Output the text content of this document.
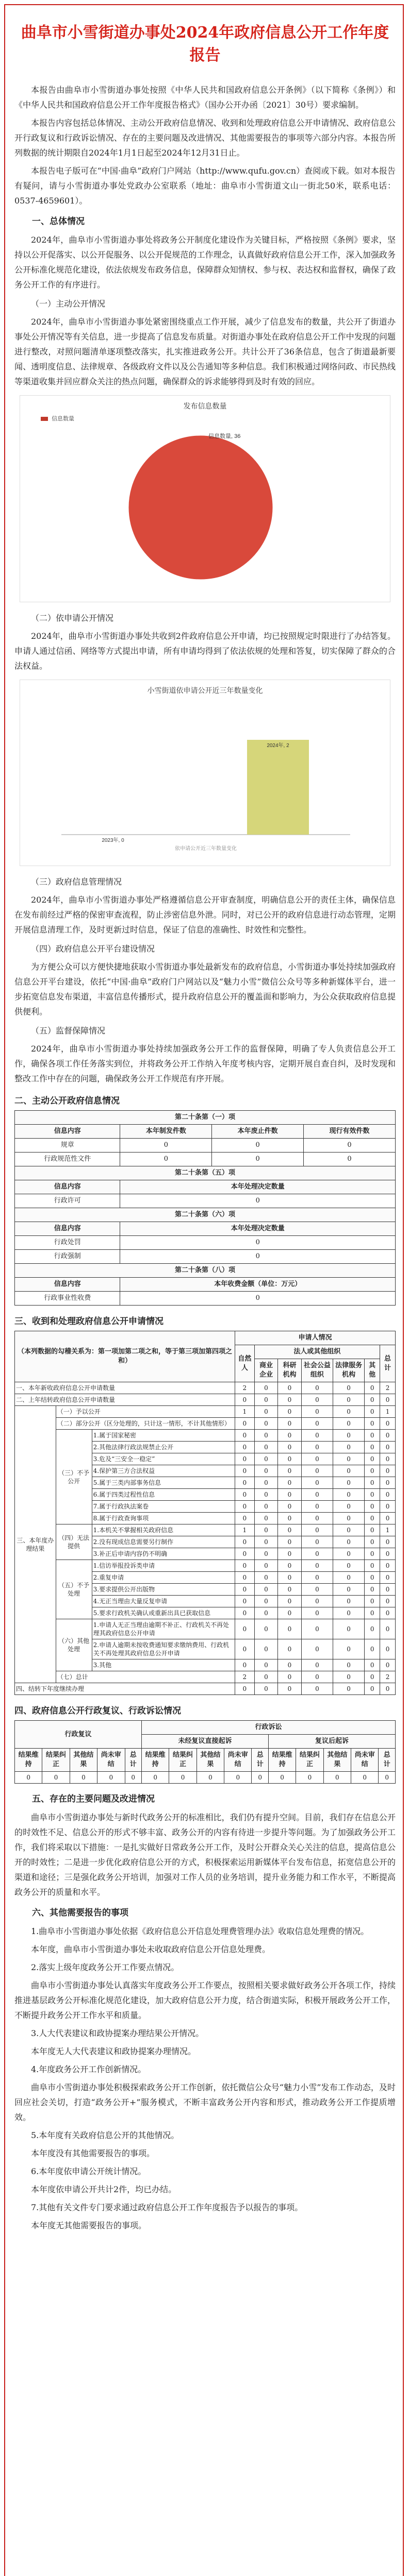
曲阜市小雪街道办事处2024年政府信息公开工作年度报告

本报告由曲阜市小雪街道办事处按照《中华人民共和国政府信息公开条例》（以下简称《条例》）和《中华人民共和国政府信息公开工作年度报告格式》（国办公开办函〔2021〕30号）要求编制。

本报告内容包括总体情况、主动公开政府信息情况、收到和处理政府信息公开申请情况、政府信息公开行政复议和行政诉讼情况、存在的主要问题及改进情况、其他需要报告的事项等六部分内容。本报告所列数据的统计期限自2024年1月1日起至2024年12月31日止。

本报告电子版可在“中国·曲阜”政府门户网站（http://www.qufu.gov.cn）查阅或下载。如对本报告有疑问，请与小雪街道办事处党政办公室联系（地址：曲阜市小雪街道文山一街北50米，联系电话：0537-4659601）。

一、总体情况

2024年，曲阜市小雪街道办事处将政务公开制度化建设作为关键目标，严格按照《条例》要求，坚持以公开促落实、以公开促服务、以公开促规范的工作理念，认真做好政府信息公开工作，深入加强政务公开标准化规范化建设，依法依规发布政务信息，保障群众知情权、参与权、表达权和监督权，确保了政务公开工作的有序进行。

（一）主动公开情况

2024年，曲阜市小雪街道办事处紧密围绕重点工作开展，减少了信息发布的数量，共公开了街道办事处公开情况等有关信息，进一步提高了信息发布质量。对街道办事处在政府信息公开工作中发现的问题进行整改，对照问题清单逐项整改落实，扎实推进政务公开。共计公开了36条信息，包含了街道最新要闻、透明度信息、法律规章、各级政府文件以及公告通知等多种信息。我们积极通过网络问政、市民热线等渠道收集并回应群众关注的热点问题，确保群众的诉求能够得到及时有效的回应。

发布信息数量
信息数量
信息数量, 36

（二）依申请公开情况

2024年，曲阜市小雪街道办事处共收到2件政府信息公开申请，均已按照规定时限进行了办结答复。申请人通过信函、网络等方式提出申请，所有申请均得到了依法依规的处理和答复，切实保障了群众的合法权益。

小雪街道依申请公开近三年数量变化
2023年, 0
2024年, 2
依申请公开近三年数量变化

（三）政府信息管理情况

2024年，曲阜市小雪街道办事处严格遵循信息公开审查制度，明确信息公开的责任主体，确保信息在发布前经过严格的保密审查流程，防止涉密信息外泄。同时，对已公开的政府信息进行动态管理，定期开展信息清理工作，及时更新过时信息，保证了信息的准确性、时效性和完整性。

（四）政府信息公开平台建设情况

为方便公众可以方便快捷地获取小雪街道办事处最新发布的政府信息，小雪街道办事处持续加强政府信息公开平台建设，依托“中国·曲阜”政府门户网站以及“魅力小雪”微信公众号等多种新媒体平台，进一步拓宽信息发布渠道，丰富信息传播形式，提升政府信息公开的覆盖面和影响力，为公众获取政府信息提供便利。

（五）监督保障情况

2024年，曲阜市小雪街道办事处持续加强政务公开工作的监督保障，明确了专人负责信息公开工作，确保各项工作任务落实到位，并将政务公开工作纳入年度考核内容，定期开展自查自纠，及时发现和整改工作中存在的问题，确保政务公开工作规范有序开展。

二、主动公开政府信息情况
第二十条第（一）项			
信息内容	本年制发件数	本年废止件数	现行有效件数
规章	0	0	0
行政规范性文件	0	0	0
第二十条第（五）项			
信息内容	本年处理决定数量		
行政许可	0		
第二十条第（六）项			
信息内容	本年处理决定数量		
行政处罚	0		
行政强制	0		
第二十条第（八）项			
信息内容	本年收费金额（单位：万元）		
行政事业性收费	0		
三、收到和处理政府信息公开申请情况
（本列数据的勾稽关系为：第一项加第二项之和，等于第三项加第四项之和）			申请人情况						
			自然人	法人或其他组织					总计
				商业企业	科研机构	社会公益组织	法律服务机构	其他	
一、本年新收政府信息公开申请数量			2	0	0	0	0	0	2
二、上年结转政府信息公开申请数量			0	0	0	0	0	0	0
三、本年度办理结果	（一）予以公开		1	0	0	0	0	0	1
	（二）部分公开（区分处理的，只计这一情形，不计其他情形）		0	0	0	0	0	0	0
	（三）不予公开	1.属于国家秘密	0	0	0	0	0	0	0
		2.其他法律行政法规禁止公开	0	0	0	0	0	0	0
		3.危及“三安全一稳定”	0	0	0	0	0	0	0
		4.保护第三方合法权益	0	0	0	0	0	0	0
		5.属于三类内部事务信息	0	0	0	0	0	0	0
		6.属于四类过程性信息	0	0	0	0	0	0	0
		7.属于行政执法案卷	0	0	0	0	0	0	0
		8.属于行政查询事项	0	0	0	0	0	0	0
	（四）无法提供	1.本机关不掌握相关政府信息	1	0	0	0	0	0	1
		2.没有现成信息需要另行制作	0	0	0	0	0	0	0
		3.补正后申请内容仍不明确	0	0	0	0	0	0	0
	（五）不予处理	1.信访举报投诉类申请	0	0	0	0	0	0	0
		2.重复申请	0	0	0	0	0	0	0
		3.要求提供公开出版物	0	0	0	0	0	0	0
		4.无正当理由大量反复申请	0	0	0	0	0	0	0
		5.要求行政机关确认或重新出具已获取信息	0	0	0	0	0	0	0
	（六）其他处理	1.申请人无正当理由逾期不补正、行政机关不再处理其政府信息公开申请	0	0	0	0	0	0	0
		2.申请人逾期未按收费通知要求缴纳费用、行政机关不再处理其政府信息公开申请	0	0	0	0	0	0	0
		3.其他	0	0	0	0	0	0	0
	（七）总计		2	0	0	0	0	0	2
四、结转下年度继续办理			0	0	0	0	0	0	0
四、政府信息公开行政复议、行政诉讼情况
行政复议					行政诉讼									
					未经复议直接起诉					复议后起诉				
结果维持	结果纠正	其他结果	尚未审结	总计	结果维持	结果纠正	其他结果	尚未审结	总计	结果维持	结果纠正	其他结果	尚未审结	总计
0	0	0	0	0	0	0	0	0	0	0	0	0	0	0

五、存在的主要问题及改进情况

曲阜市小雪街道办事处与新时代政务公开的标准相比，我们仍有提升空间。目前，我们存在信息公开的时效性不足、信息公开的形式不够丰富、政务公开的内容有待进一步提升等问题。为了加强政务公开工作，我们将采取以下措施：一是扎实做好日常政务公开工作，及时公开群众关心关注的信息，提高信息公开的时效性；二是进一步优化政府信息公开的方式，积极探索运用新媒体平台发布信息，拓宽信息公开的渠道和途径；三是强化政务公开培训，加强对工作人员的业务培训，提升业务能力和工作水平，不断提高政务公开的质量和水平。

六、其他需要报告的事项

1.曲阜市小雪街道办事处依据《政府信息公开信息处理费管理办法》收取信息处理费的情况。

本年度，曲阜市小雪街道办事处未收取政府信息公开信息处理费。

2.落实上级年度政务公开工作要点情况。

曲阜市小雪街道办事处认真落实年度政务公开工作要点，按照相关要求做好政务公开各项工作，持续推进基层政务公开标准化规范化建设，加大政府信息公开力度，结合街道实际，积极开展政务公开工作，不断提升政务公开工作水平和质量。

3.人大代表建议和政协提案办理结果公开情况。

本年度无人大代表建议和政协提案办理情况。

4.年度政务公开工作创新情况。

曲阜市小雪街道办事处积极探索政务公开工作创新，依托微信公众号“魅力小雪”发布工作动态，及时回应社会关切，打造“政务公开+”服务模式，不断丰富政务公开内容和形式，推动政务公开工作提质增效。

5.本年度有关政府信息公开的其他情况。

本年度没有其他需要报告的事项。

6.本年度依申请公开统计情况。

本年度依申请公开共计2件，均已办结。

7.其他有关文件专门要求通过政府信息公开工作年度报告予以报告的事项。

本年度无其他需要报告的事项。
